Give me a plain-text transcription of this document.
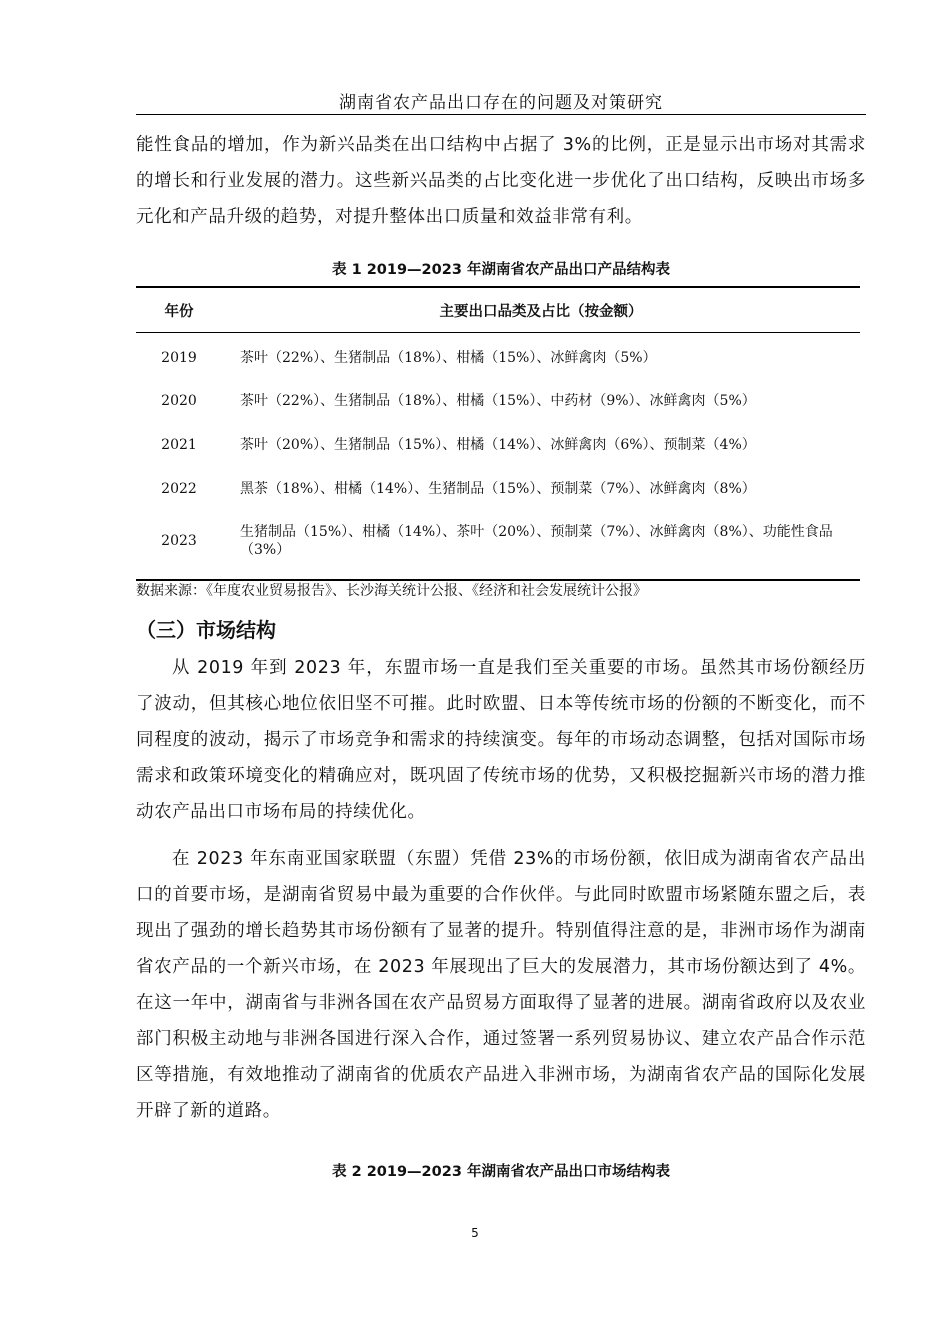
湖南省农产品出口存在的问题及对策研究

能性食品的增加，作为新兴品类在出口结构中占据了 3%的比例，正是显示出市场对其需求的增长和行业发展的潜力。这些新兴品类的占比变化进一步优化了出口结构，反映出市场多元化和产品升级的趋势，对提升整体出口质量和效益非常有利。

表 1 2019—2023 年湖南省农产品出口产品结构表
年份	主要出口品类及占比（按金额）
2019	茶叶（22%）、生猪制品（18%）、柑橘（15%）、冰鲜禽肉（5%）
2020	茶叶（22%）、生猪制品（18%）、柑橘（15%）、中药材（9%）、冰鲜禽肉（5%）
2021	茶叶（20%）、生猪制品（15%）、柑橘（14%）、冰鲜禽肉（6%）、预制菜（4%）
2022	黑茶（18%）、柑橘（14%）、生猪制品（15%）、预制菜（7%）、冰鲜禽肉（8%）
2023	生猪制品（15%）、柑橘（14%）、茶叶（20%）、预制菜（7%）、冰鲜禽肉（8%）、功能性食品（3%）
数据来源：《年度农业贸易报告》、长沙海关统计公报、《经济和社会发展统计公报》
（三）市场结构

从 2019 年到 2023 年，东盟市场一直是我们至关重要的市场。虽然其市场份额经历了波动，但其核心地位依旧坚不可摧。此时欧盟、日本等传统市场的份额的不断变化，而不同程度的波动，揭示了市场竞争和需求的持续演变。每年的市场动态调整，包括对国际市场需求和政策环境变化的精确应对，既巩固了传统市场的优势，又积极挖掘新兴市场的潜力推动农产品出口市场布局的持续优化。

在 2023 年东南亚国家联盟（东盟）凭借 23%的市场份额，依旧成为湖南省农产品出口的首要市场，是湖南省贸易中最为重要的合作伙伴。与此同时欧盟市场紧随东盟之后，表现出了强劲的增长趋势其市场份额有了显著的提升。特别值得注意的是，非洲市场作为湖南省农产品的一个新兴市场，在 2023 年展现出了巨大的发展潜力，其市场份额达到了 4%。在这一年中，湖南省与非洲各国在农产品贸易方面取得了显著的进展。湖南省政府以及农业部门积极主动地与非洲各国进行深入合作，通过签署一系列贸易协议、建立农产品合作示范区等措施，有效地推动了湖南省的优质农产品进入非洲市场，为湖南省农产品的国际化发展开辟了新的道路。

表 2 2019—2023 年湖南省农产品出口市场结构表
5
